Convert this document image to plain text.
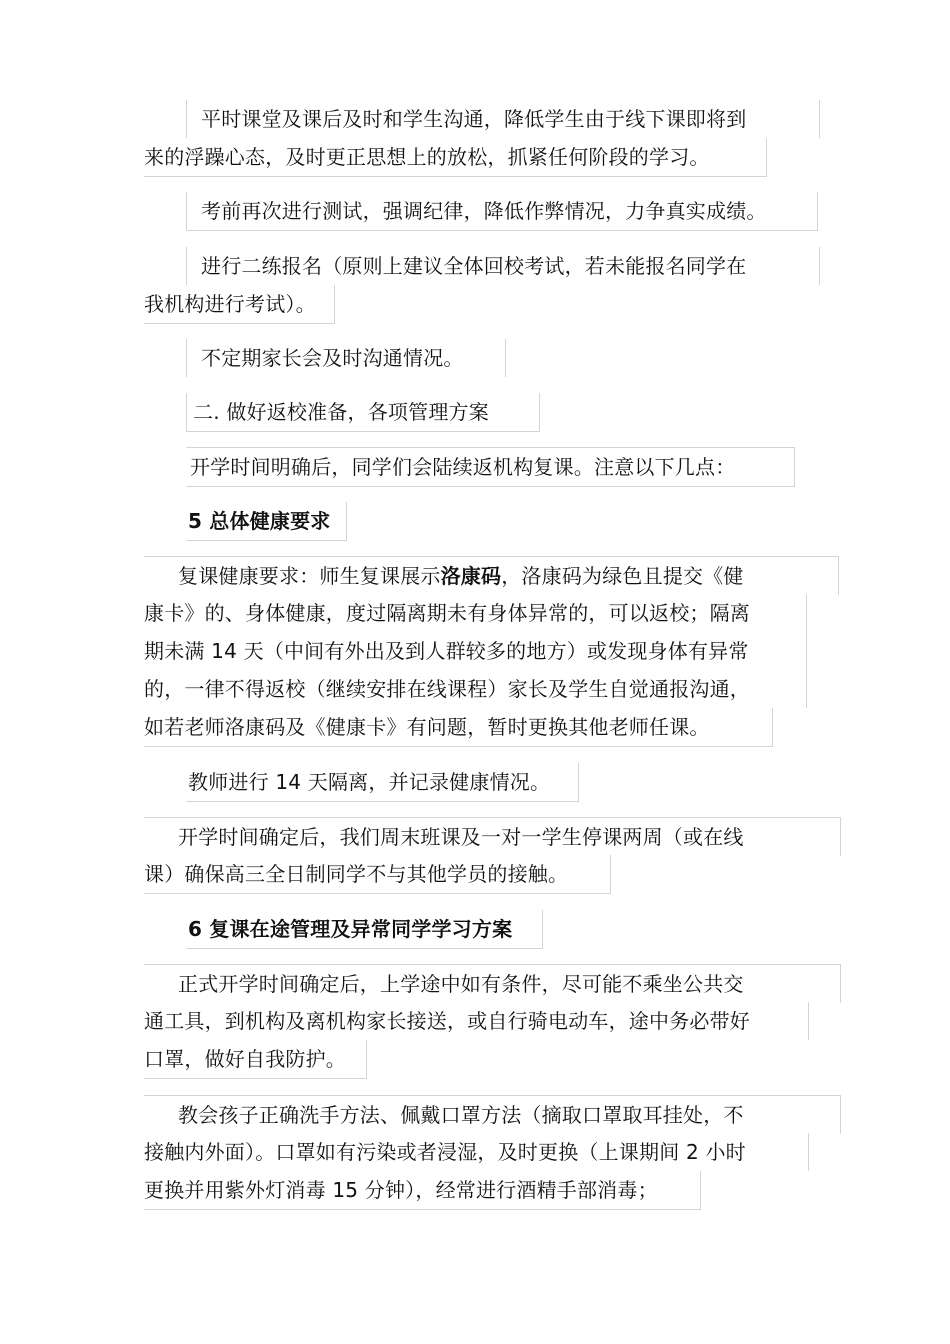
平时课堂及课后及时和学生沟通，降低学生由于线下课即将到
来的浮躁心态，及时更正思想上的放松，抓紧任何阶段的学习。
考前再次进行测试，强调纪律，降低作弊情况，力争真实成绩。
进行二练报名（原则上建议全体回校考试，若未能报名同学在
我机构进行考试）。
不定期家长会及时沟通情况。
二. 做好返校准备，各项管理方案
开学时间明确后，同学们会陆续返机构复课。注意以下几点：
5 总体健康要求
复课健康要求：师生复课展示洛康码，洛康码为绿色且提交《健
康卡》的、身体健康，度过隔离期未有身体异常的，可以返校；隔离
期未满 14 天（中间有外出及到人群较多的地方）或发现身体有异常
的，一律不得返校（继续安排在线课程）家长及学生自觉通报沟通，
如若老师洛康码及《健康卡》有问题，暂时更换其他老师任课。
教师进行 14 天隔离，并记录健康情况。
开学时间确定后，我们周末班课及一对一学生停课两周（或在线
课）确保高三全日制同学不与其他学员的接触。
6 复课在途管理及异常同学学习方案
正式开学时间确定后，上学途中如有条件，尽可能不乘坐公共交
通工具，到机构及离机构家长接送，或自行骑电动车，途中务必带好
口罩，做好自我防护。
教会孩子正确洗手方法、佩戴口罩方法（摘取口罩取耳挂处，不
接触内外面）。口罩如有污染或者浸湿，及时更换（上课期间 2 小时
更换并用紫外灯消毒 15 分钟），经常进行酒精手部消毒；
